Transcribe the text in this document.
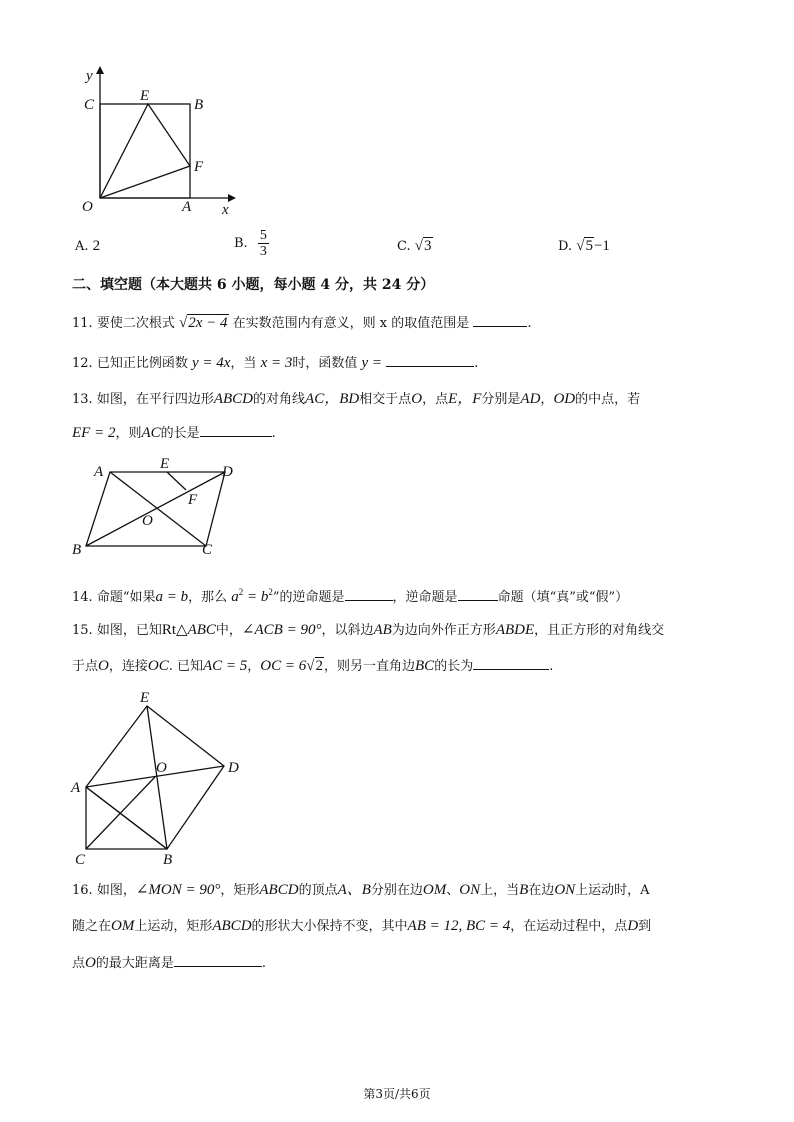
y
x
C
E
B
F
O	A
A. 2	B. $\frac{5}{3}$	C. √3	D. √5−1
二、填空题（本大题共 6 小题，每小题 4 分，共 24 分）
11. 要使二次根式 √2x − 4 在实数范围内有意义，则 x 的取值范围是	.
12. 已知正比例函数 y = 4x，当 x = 3时，函数值 y =	.
13. 如图，在平行四边形ABCD的对角线AC，BD相交于点O，点E，F分别是AD，OD的中点，若
EF = 2，则AC的长是	.
A	E	D
F
O
B	C
14. 命题“如果a = b，那么 $a^2 = b^2$”的逆命题是	，逆命题是	命题（填“真”或“假”）
15. 如图，已知Rt△ABC中，∠ACB = 90°，以斜边AB为边向外作正方形ABDE，且正方形的对角线交
于点O，连接OC. 已知AC = 5，OC = 6√2，则另一直角边BC的长为	.
E
O	D
A
C	B
16. 如图，∠MON = 90°，矩形ABCD的顶点A、B分别在边OM、ON上，当B在边ON上运动时，A
随之在OM上运动，矩形ABCD的形状大小保持不变，其中AB = 12, BC = 4，在运动过程中，点D到
点O的最大距离是	.
第3页/共6页
